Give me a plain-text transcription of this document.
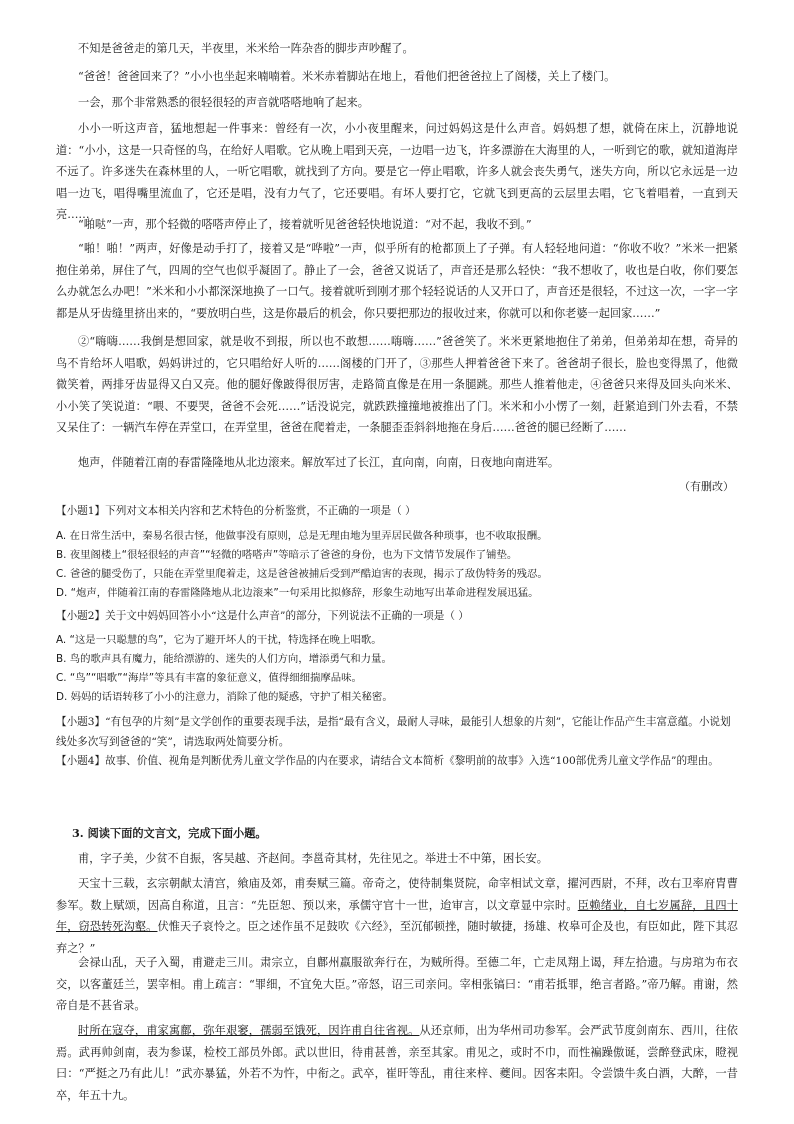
不知是爸爸走的第几天，半夜里，米米给一阵杂沓的脚步声吵醒了。

“爸爸！爸爸回来了？”小小也坐起来喃喃着。米米赤着脚站在地上，看他们把爸爸拉上了阁楼，关上了楼门。

一会，那个非常熟悉的很轻很轻的声音就嗒嗒地响了起来。

小小一听这声音，猛地想起一件事来：曾经有一次，小小夜里醒来，问过妈妈这是什么声音。妈妈想了想，就倚在床上，沉静地说道：“小小，这是一只奇怪的鸟，在给好人唱歌。它从晚上唱到天亮，一边唱一边飞，许多漂游在大海里的人，一听到它的歌，就知道海岸不远了。许多迷失在森林里的人，一听它唱歌，就找到了方向。要是它一停止唱歌，许多人就会丧失勇气，迷失方向，所以它永远是一边唱一边飞，唱得嘴里流血了，它还是唱，没有力气了，它还要唱。有坏人要打它，它就飞到更高的云层里去唱，它飞着唱着，一直到天亮……

“啪哒”一声，那个轻微的嗒嗒声停止了，接着就听见爸爸轻快地说道：“对不起，我收不到。”

“啪！啪！”两声，好像是动手打了，接着又是“哗啦”一声，似乎所有的枪都顶上了子弹。有人轻轻地问道：“你收不收？”米米一把紧抱住弟弟，屏住了气，四周的空气也似乎凝固了。静止了一会，爸爸又说话了，声音还是那么轻快：“我不想收了，收也是白收，你们要怎么办就怎么办吧！”米米和小小都深深地换了一口气。接着就听到刚才那个轻轻说话的人又开口了，声音还是很轻，不过这一次，一字一字都是从牙齿缝里挤出来的，“要放明白些，这是你最后的机会，你只要把那边的报收过来，你就可以和你老婆一起回家……”

②“嗨嗨……我倒是想回家，就是收不到报，所以也不敢想……嗨嗨……”爸爸笑了。米米更紧地抱住了弟弟，但弟弟却在想，奇异的鸟不肯给坏人唱歌，妈妈讲过的，它只唱给好人听的……阁楼的门开了，③那些人押着爸爸下来了。爸爸胡子很长，脸也变得黑了，他微微笑着，两排牙齿显得又白又亮。他的腿好像跛得很厉害，走路简直像是在用一条腿跳。那些人推着他走，④爸爸只来得及回头向米米、小小笑了笑说道：“喂、不要哭，爸爸不会死……”话没说完，就跌跌撞撞地被推出了门。米米和小小愣了一刻，赶紧追到门外去看，不禁又呆住了：一辆汽车停在弄堂口，在弄堂里，爸爸在爬着走，一条腿歪歪斜斜地拖在身后……爸爸的腿已经断了……

炮声，伴随着江南的春雷隆隆地从北边滚来。解放军过了长江，直向南，向南，日夜地向南进军。

（有删改）

【小题1】下列对文本相关内容和艺术特色的分析鉴赏，不正确的一项是（ ）

A. 在日常生活中，秦易名很古怪，他做事没有原则，总是无理由地为里弄居民做各种琐事，也不收取报酬。

B. 夜里阁楼上“很轻很轻的声音”“轻微的嗒嗒声”等暗示了爸爸的身份，也为下文情节发展作了铺垫。

C. 爸爸的腿受伤了，只能在弄堂里爬着走，这是爸爸被捕后受到严酷迫害的表现，揭示了敌伪特务的残忍。

D. “炮声，伴随着江南的春雷隆隆地从北边滚来”一句采用比拟修辞，形象生动地写出革命进程发展迅猛。

【小题2】关于文中妈妈回答小小“这是什么声音”的部分，下列说法不正确的一项是（ ）

A. “这是一只聪慧的鸟”，它为了避开坏人的干扰，特选择在晚上唱歌。

B. 鸟的歌声具有魔力，能给漂游的、迷失的人们方向，增添勇气和力量。

C. “鸟”“唱歌”“海岸”等具有丰富的象征意义，值得细细揣摩品味。

D. 妈妈的话语转移了小小的注意力，消除了他的疑惑，守护了相关秘密。

【小题3】“有包孕的片刻”是文学创作的重要表现手法，是指“最有含义，最耐人寻味，最能引人想象的片刻”，它能让作品产生丰富意蕴。小说划线处多次写到爸爸的“笑”，请选取两处简要分析。

【小题4】故事、价值、视角是判断优秀儿童文学作品的内在要求，请结合文本简析《黎明前的故事》入选“100部优秀儿童文学作品”的理由。

3. 阅读下面的文言文，完成下面小题。

甫，字子美，少贫不自振，客吴越、齐赵间。李邕奇其材，先往见之。举进士不中第，困长安。

天宝十三载，玄宗朝献太清宫，飨庙及郊，甫奏赋三篇。帝奇之，使待制集贤院，命宰相试文章，擢河西尉，不拜，改右卫率府胄曹参军。数上赋颂，因高自称道，且言：“先臣恕、预以来，承儒守官十一世，迨审言，以文章显中宗时。臣赖绪业，自七岁属辞，且四十年，窃恐转死沟壑。伏惟天子哀怜之。臣之述作虽不足鼓吹《六经》，至沉郁顿挫，随时敏捷，扬雄、枚皋可企及也，有臣如此，陛下其忍弃之？”

会禄山乱，天子入蜀，甫避走三川。肃宗立，自鄜州羸服欲奔行在，为贼所得。至德二年，亡走凤翔上谒，拜左拾遗。与房琯为布衣交，以客董廷兰，罢宰相。甫上疏言：“罪细，不宜免大臣。”帝怒，诏三司亲问。宰相张镐曰：“甫若抵罪，绝言者路。”帝乃解。甫谢，然帝自是不甚省录。

时所在寇夺，甫家寓鄜，弥年艰窭，孺弱至饿死，因许甫自往省视。从还京师，出为华州司功参军。会严武节度剑南东、西川，往依焉。武再帅剑南，表为参谋，检校工部员外郎。武以世旧，待甫甚善，亲至其家。甫见之，或时不巾，而性褊躁傲诞，尝醉登武床，瞪视曰：“严挺之乃有此儿！”武亦暴猛，外若不为忤，中衔之。武卒，崔旰等乱，甫往来梓、夔间。因客耒阳。令尝馈牛炙白酒，大醉，一昔卒，年五十九。
